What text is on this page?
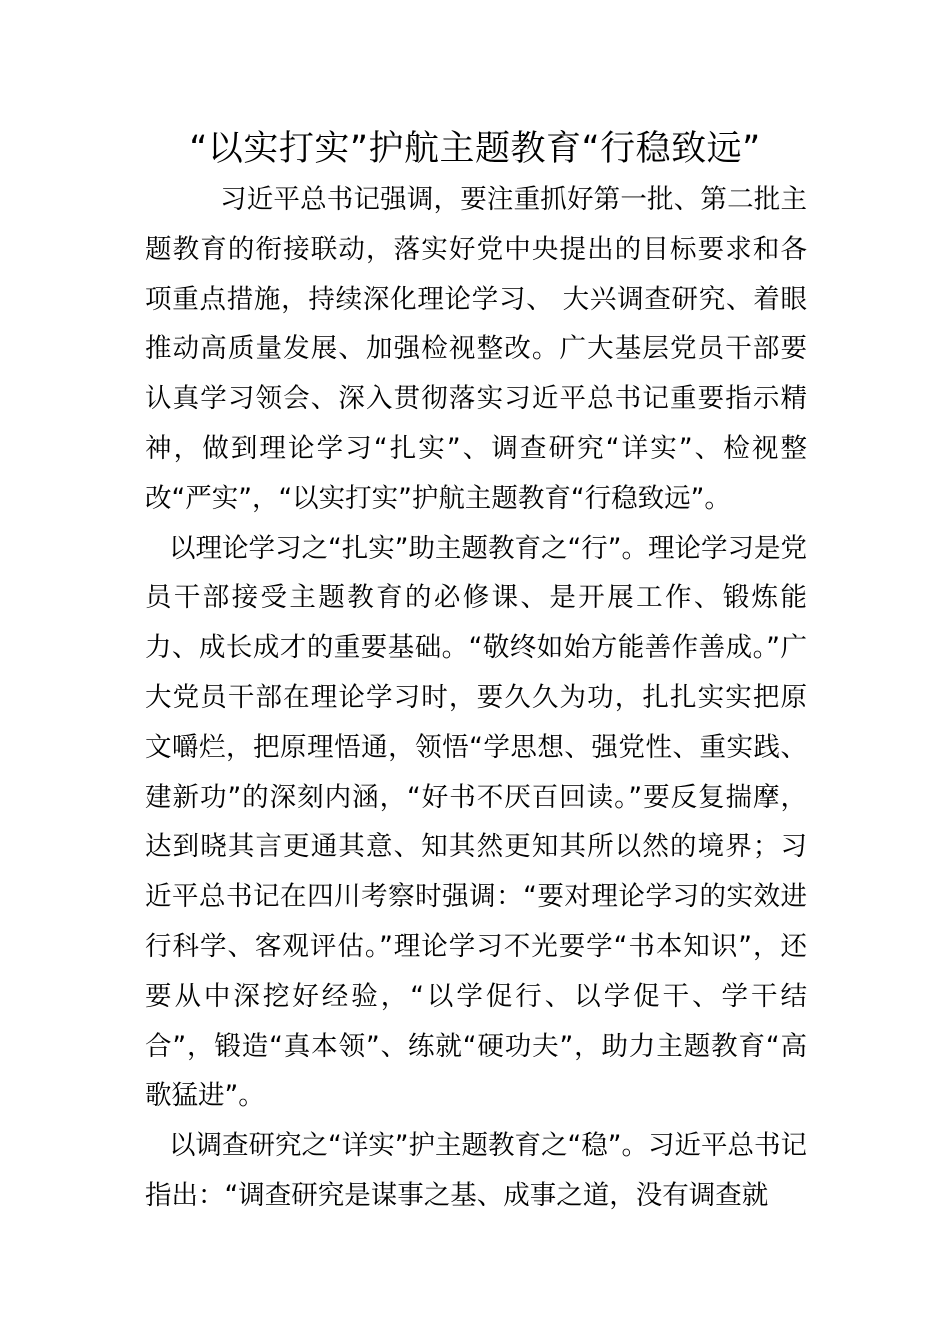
“以实打实”护航主题教育“行稳致远”

习近平总书记强调，要注重抓好第一批、第二批主题教育的衔接联动，落实好党中央提出的目标要求和各项重点措施，持续深化理论学习、 大兴调查研究、着眼推动高质量发展、加强检视整改。广大基层党员干部要认真学习领会、深入贯彻落实习近平总书记重要指示精神，做到理论学习“扎实”、调查研究“详实”、检视整改“严实”，“以实打实”护航主题教育“行稳致远”。

以理论学习之“扎实”助主题教育之“行”。理论学习是党员干部接受主题教育的必修课、是开展工作、锻炼能力、成长成才的重要基础。“敬终如始方能善作善成。”广大党员干部在理论学习时，要久久为功，扎扎实实把原文嚼烂，把原理悟通，领悟“学思想、强党性、重实践、建新功”的深刻内涵，“好书不厌百回读。”要反复揣摩，达到晓其言更通其意、知其然更知其所以然的境界；习近平总书记在四川考察时强调：“要对理论学习的实效进行科学、客观评估。”理论学习不光要学“书本知识”，还要从中深挖好经验，“以学促行、以学促干、学干结合”，锻造“真本领”、练就“硬功夫”，助力主题教育“高歌猛进”。

以调查研究之“详实”护主题教育之“稳”。习近平总书记指出：“调查研究是谋事之基、成事之道，没有调查就
